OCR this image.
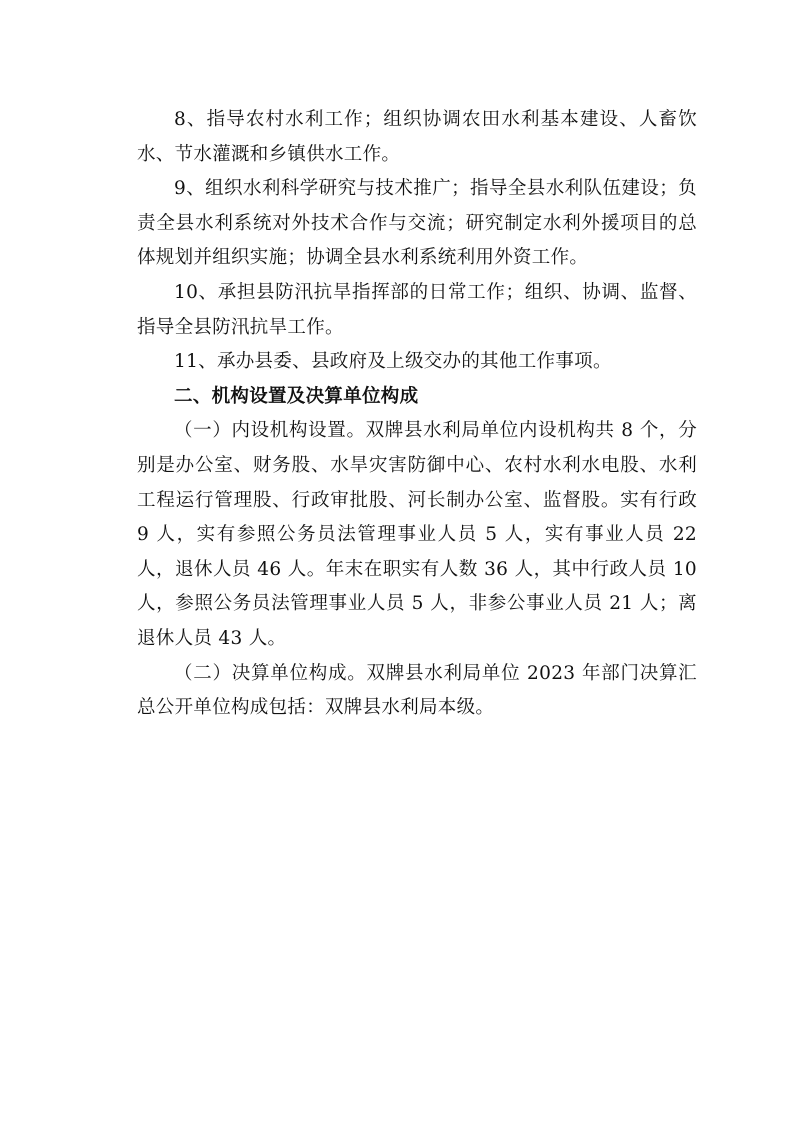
8、指导农村水利工作；组织协调农田水利基本建设、人畜饮水、节水灌溉和乡镇供水工作。

9、组织水利科学研究与技术推广；指导全县水利队伍建设；负责全县水利系统对外技术合作与交流；研究制定水利外援项目的总体规划并组织实施；协调全县水利系统利用外资工作。

10、承担县防汛抗旱指挥部的日常工作；组织、协调、监督、指导全县防汛抗旱工作。

11、承办县委、县政府及上级交办的其他工作事项。

二、机构设置及决算单位构成

（一）内设机构设置。双牌县水利局单位内设机构共 8 个，分别是办公室、财务股、水旱灾害防御中心、农村水利水电股、水利工程运行管理股、行政审批股、河长制办公室、监督股。实有行政 9 人，实有参照公务员法管理事业人员 5 人，实有事业人员 22 人，退休人员 46 人。年末在职实有人数 36 人，其中行政人员 10 人，参照公务员法管理事业人员 5 人，非参公事业人员 21 人；离退休人员 43 人。

（二）决算单位构成。双牌县水利局单位 2023 年部门决算汇总公开单位构成包括：双牌县水利局本级。
